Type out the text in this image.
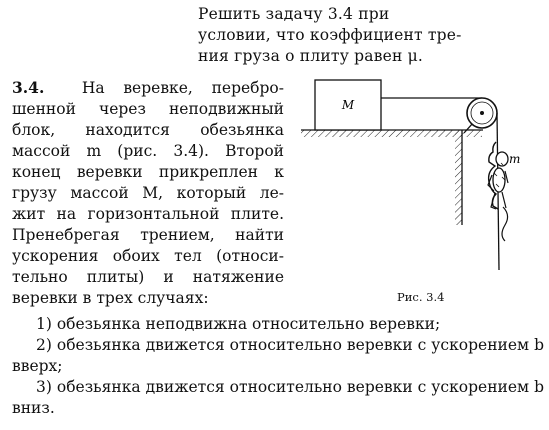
Решить задачу 3.4 при
условии, что коэффициент тре-
ния груза о плиту равен μ.
3.4. На веревке, перебро-
шенной через неподвижный
блок, находится обезьянка
массой m (рис. 3.4). Второй
конец веревки прикреплен к
грузу массой M, который ле-
жит на горизонтальной плите.
Пренебрегая трением, найти
ускорения обоих тел (относи-
тельно плиты) и натяжение
веревки в трех случаях:
M
m
Рис. 3.4
1) обезьянка неподвижна относительно веревки;
2) обезьянка движется относительно веревки с ускорением b
вверх;
3) обезьянка движется относительно веревки с ускорением b
вниз.
